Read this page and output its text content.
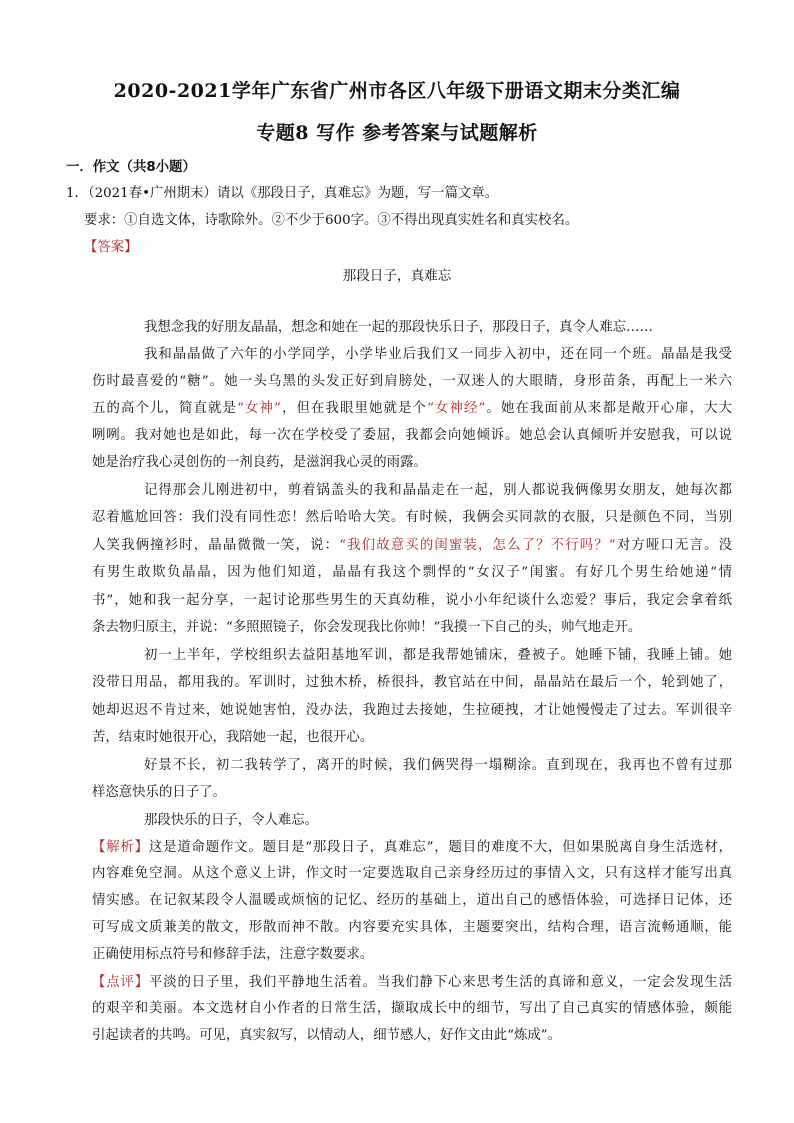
2020-2021学年广东省广州市各区八年级下册语文期末分类汇编
专题8 写作 参考答案与试题解析
一．作文（共8小题）
1．（2021春•广州期末）请以《那段日子，真难忘》为题，写一篇文章。
要求：①自选文体，诗歌除外。②不少于600字。③不得出现真实姓名和真实校名。
【答案】
那段日子，真难忘
我想念我的好朋友晶晶，想念和她在一起的那段快乐日子，那段日子，真令人难忘……
我和晶晶做了六年的小学同学，小学毕业后我们又一同步入初中，还在同一个班。晶晶是我受
伤时最喜爱的“糖”。她一头乌黑的头发正好到肩膀处，一双迷人的大眼睛，身形苗条，再配上一米六
五的高个儿，简直就是“女神”，但在我眼里她就是个“女神经”。她在我面前从来都是敞开心扉，大大
咧咧。我对她也是如此，每一次在学校受了委屈，我都会向她倾诉。她总会认真倾听并安慰我，可以说
她是治疗我心灵创伤的一剂良药，是滋润我心灵的雨露。
记得那会儿刚进初中，剪着锅盖头的我和晶晶走在一起，别人都说我俩像男女朋友，她每次都
忍着尴尬回答：我们没有同性恋！然后哈哈大笑。有时候，我俩会买同款的衣服，只是颜色不同，当别
人笑我俩撞衫时，晶晶微微一笑，说：“我们故意买的闺蜜装，怎么了？不行吗？”对方哑口无言。没
有男生敢欺负晶晶，因为他们知道，晶晶有我这个剽悍的“女汉子”闺蜜。有好几个男生给她递“情
书”，她和我一起分享，一起讨论那些男生的天真幼稚，说小小年纪谈什么恋爱？事后，我定会拿着纸
条去物归原主，并说：“多照照镜子，你会发现我比你帅！”我摸一下自己的头，帅气地走开。
初一上半年，学校组织去益阳基地军训，都是我帮她铺床，叠被子。她睡下铺，我睡上铺。她
没带日用品，都用我的。军训时，过独木桥，桥很抖，教官站在中间，晶晶站在最后一个，轮到她了，
她却迟迟不肯过来，她说她害怕，没办法，我跑过去接她，生拉硬拽，才让她慢慢走了过去。军训很辛
苦，结束时她很开心，我陪她一起，也很开心。
好景不长，初二我转学了，离开的时候，我们俩哭得一塌糊涂。直到现在，我再也不曾有过那
样恣意快乐的日子了。
那段快乐的日子，令人难忘。
【解析】这是道命题作文。题目是“那段日子，真难忘”，题目的难度不大，但如果脱离自身生活选材，
内容难免空洞。从这个意义上讲，作文时一定要选取自己亲身经历过的事情入文，只有这样才能写出真
情实感。在记叙某段令人温暖或烦恼的记忆、经历的基础上，道出自己的感悟体验，可选择日记体，还
可写成文质兼美的散文，形散而神不散。内容要充实具体，主题要突出，结构合理，语言流畅通顺，能
正确使用标点符号和修辞手法，注意字数要求。
【点评】平淡的日子里，我们平静地生活着。当我们静下心来思考生活的真谛和意义，一定会发现生活
的艰辛和美丽。本文选材自小作者的日常生活，撷取成长中的细节，写出了自己真实的情感体验，颇能
引起读者的共鸣。可见，真实叙写，以情动人，细节感人，好作文由此“炼成”。
